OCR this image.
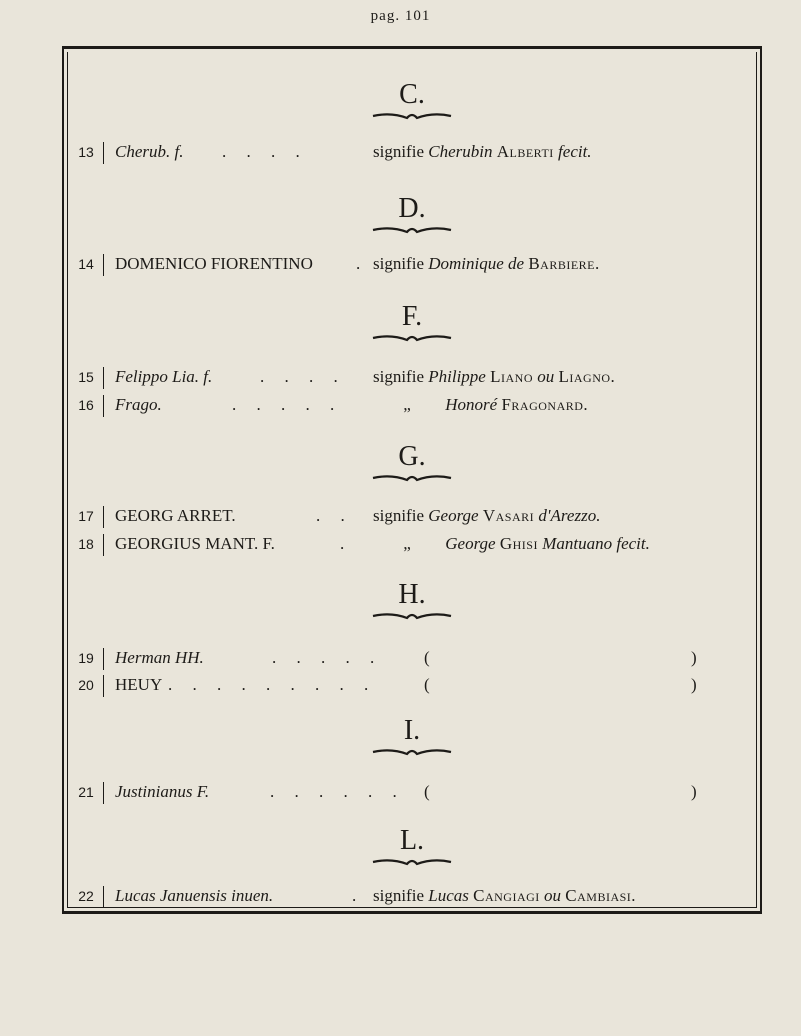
pag. 101
C.
13	Cherub. f. . . . .	signifie Cherubin Alberti fecit.
D.
14	DOMENICO FIORENTINO	. signifie Dominique de Barbiere.
F.
15	Felippo Lia. f.	. . . . signifie Philippe Liano ou Liagno.
16	Frago.	. . . . .	„ Honoré Fragonard.
G.
17	GEORG ARRET.	. . signifie George Vasari d'Arezzo.
18	GEORGIUS MANT. F.	.	„ George Ghisi Mantuano fecit.
H.
19	Herman HH.	. . . . . (	)
20	HEUY . . . . . . . . .	(	)
I.
21	Justinianus F.	. . . . . . (	)
L.
22	Lucas Januensis inuen.	. signifie Lucas Cangiagi ou Cambiasi.
